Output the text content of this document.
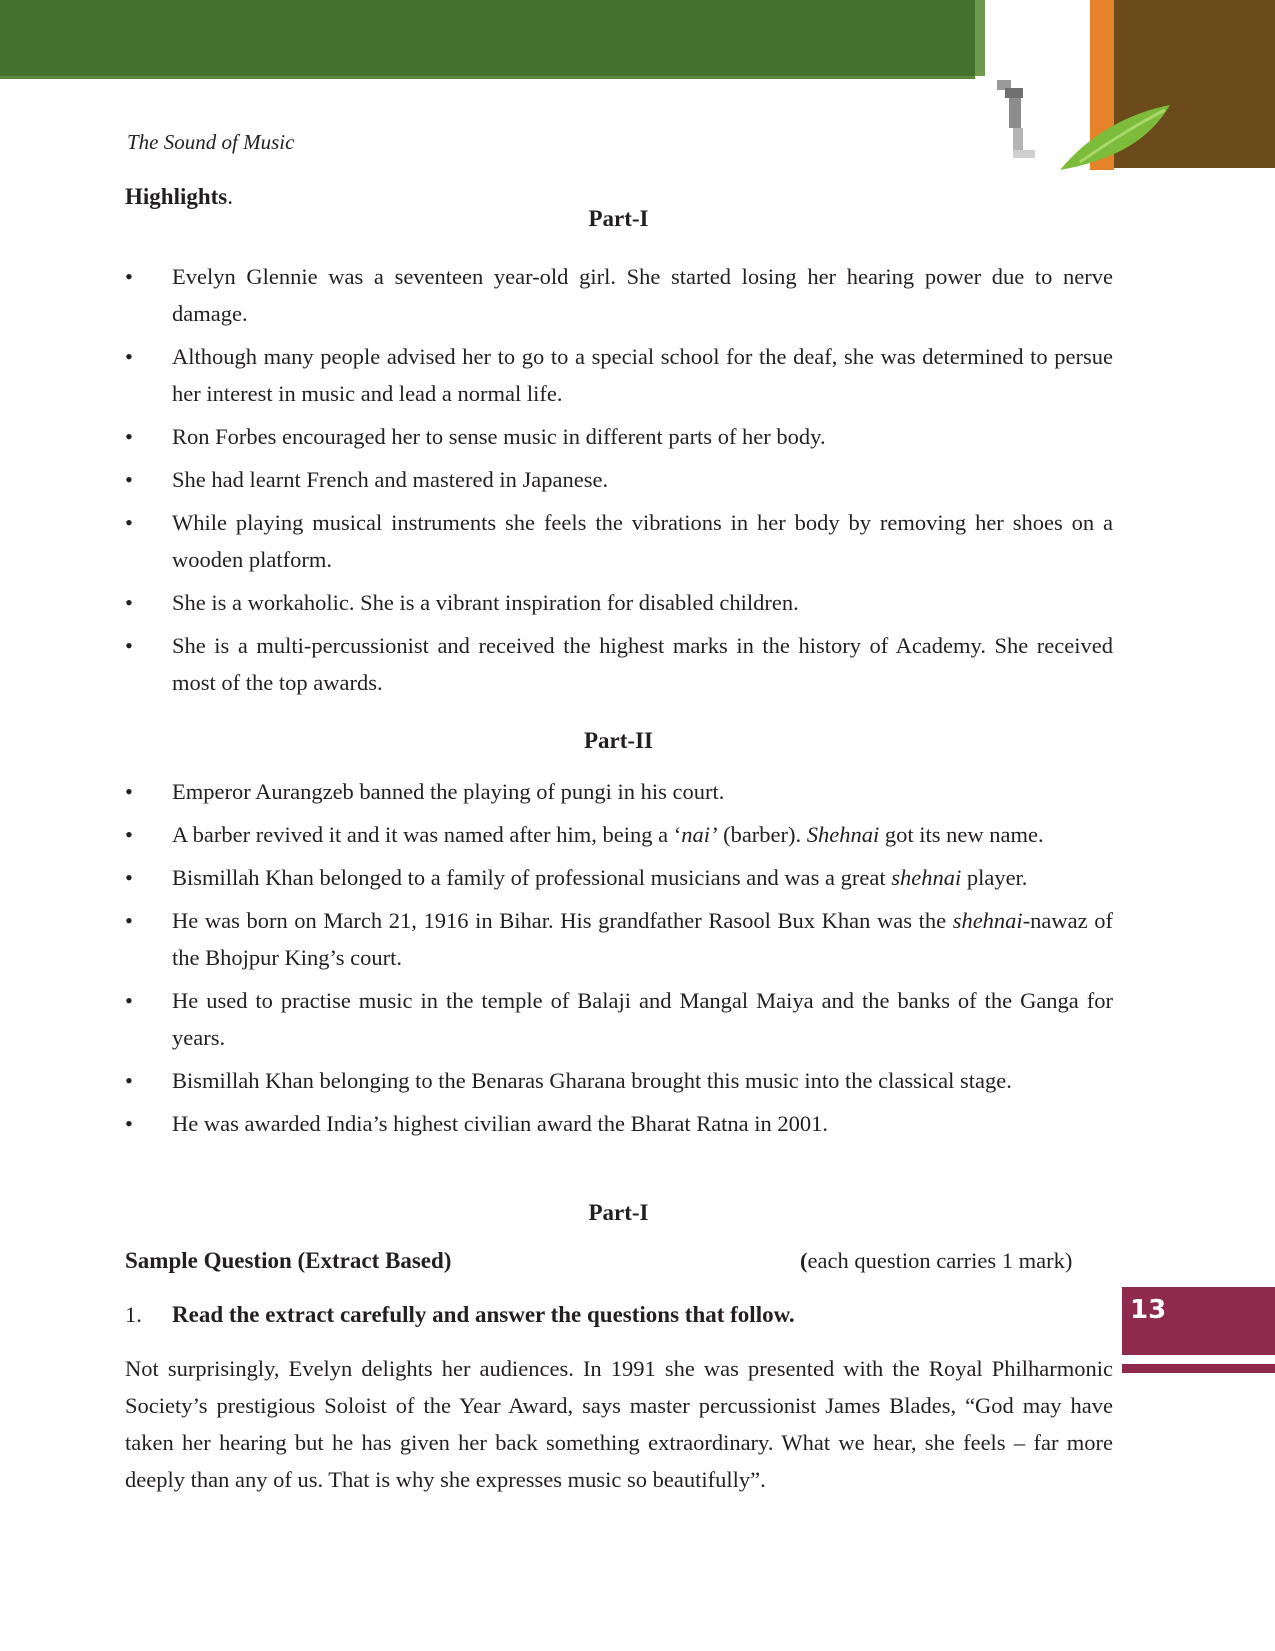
The Sound of Music
Highlights.
Part-I
• Evelyn Glennie was a seventeen year-old girl. She started losing her hearing power due to nerve damage.
• Although many people advised her to go to a special school for the deaf, she was determined to persue her interest in music and lead a normal life.
• Ron Forbes encouraged her to sense music in different parts of her body.
• She had learnt French and mastered in Japanese.
• While playing musical instruments she feels the vibrations in her body by removing her shoes on a wooden platform.
• She is a workaholic. She is a vibrant inspiration for disabled children.
• She is a multi-percussionist and received the highest marks in the history of Academy. She received most of the top awards.
Part-II
• Emperor Aurangzeb banned the playing of pungi in his court.
• A barber revived it and it was named after him, being a ‘nai’ (barber). Shehnai got its new name.
• Bismillah Khan belonged to a family of professional musicians and was a great shehnai player.
• He was born on March 21, 1916 in Bihar. His grandfather Rasool Bux Khan was the shehnai-nawaz of the Bhojpur King’s court.
• He used to practise music in the temple of Balaji and Mangal Maiya and the banks of the Ganga for years.
• Bismillah Khan belonging to the Benaras Gharana brought this music into the classical stage.
• He was awarded India’s highest civilian award the Bharat Ratna in 2001.
Part-I
Sample Question (Extract Based)	(each question carries 1 mark)
1. Read the extract carefully and answer the questions that follow.

Not surprisingly, Evelyn delights her audiences. In 1991 she was presented with the Royal Philharmonic Society’s prestigious Soloist of the Year Award, says master percussionist James Blades, “God may have taken her hearing but he has given her back something extraordinary. What we hear, she feels – far more deeply than any of us. That is why she expresses music so beautifully”.

13
